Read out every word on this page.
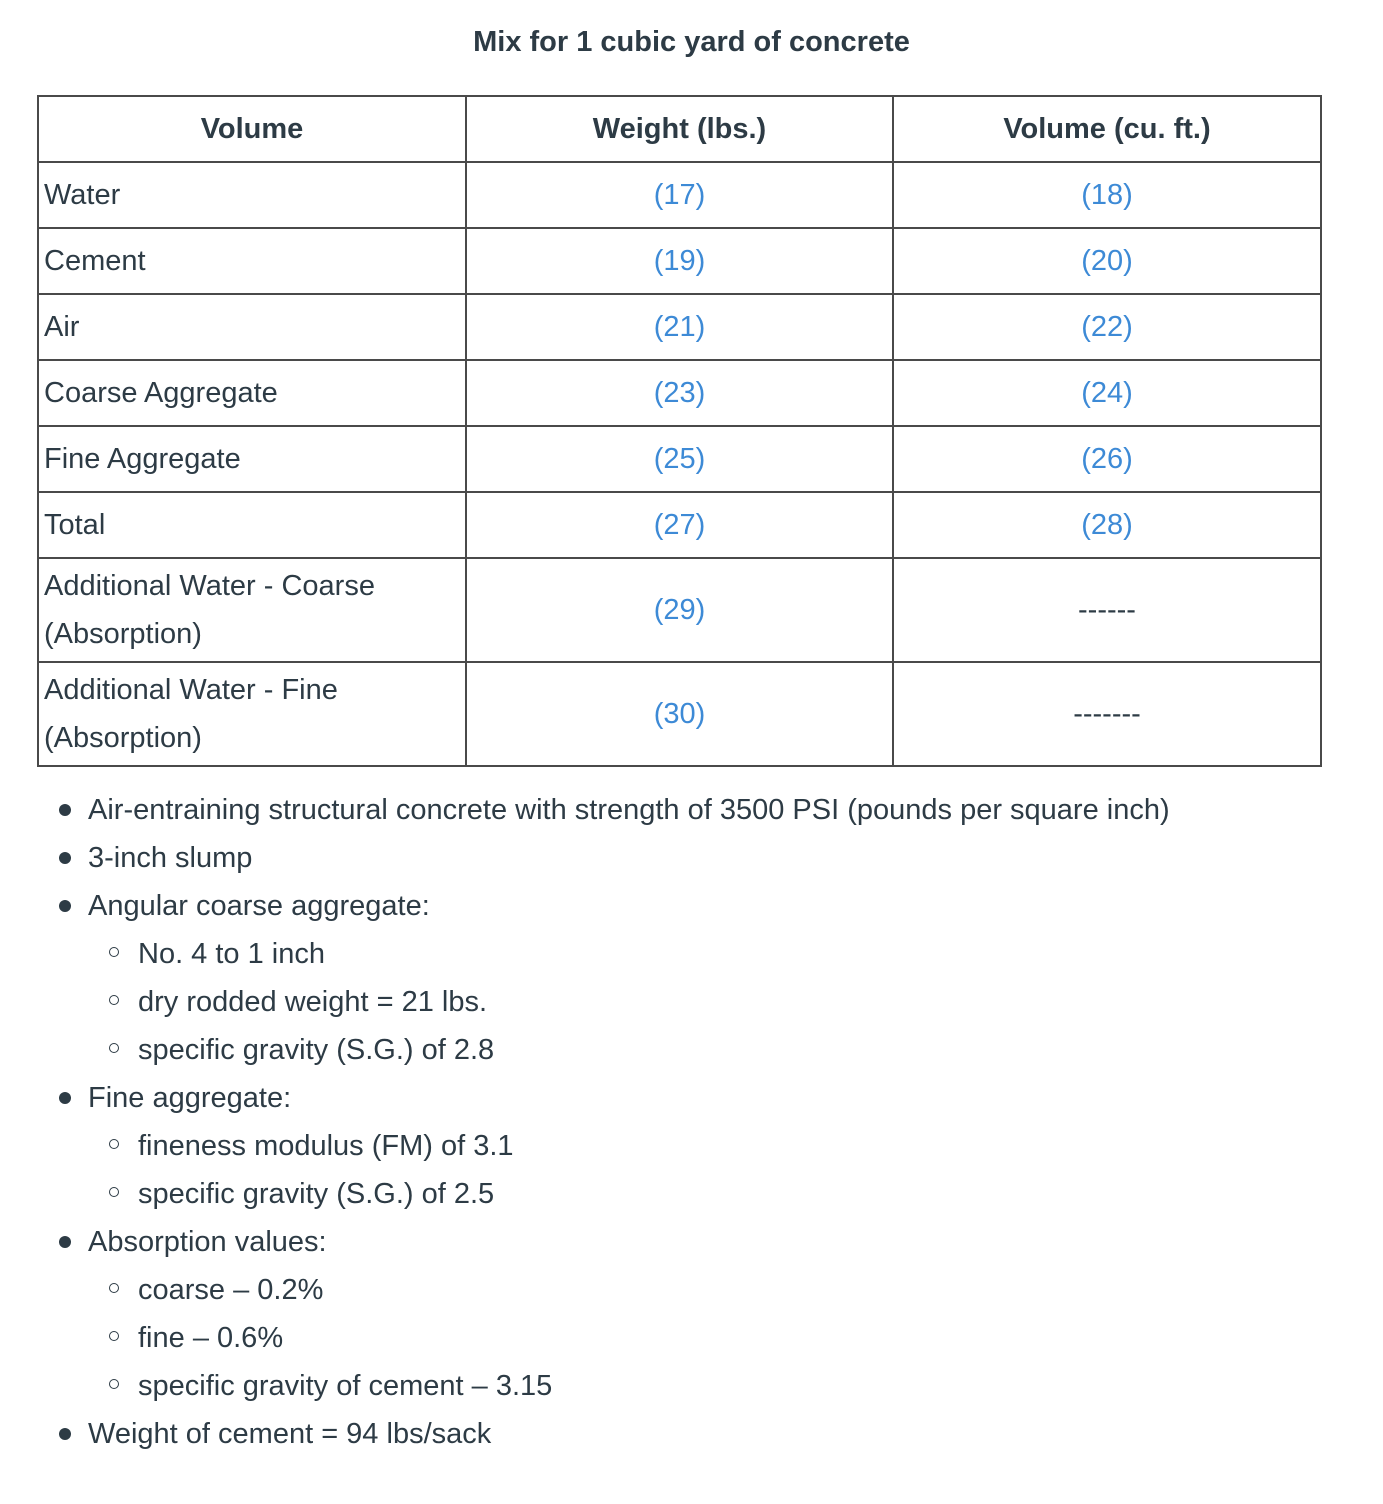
Mix for 1 cubic yard of concrete
Volume	Weight (lbs.)	Volume (cu. ft.)
Water	(17)	(18)
Cement	(19)	(20)
Air	(21)	(22)
Coarse Aggregate	(23)	(24)
Fine Aggregate	(25)	(26)
Total	(27)	(28)
Additional Water - Coarse (Absorption)	(29)	------
Additional Water - Fine (Absorption)	(30)	-------
Air-entraining structural concrete with strength of 3500 PSI (pounds per square inch)
3-inch slump
Angular coarse aggregate:
No. 4 to 1 inch
dry rodded weight = 21 lbs.
specific gravity (S.G.) of 2.8
Fine aggregate:
fineness modulus (FM) of 3.1
specific gravity (S.G.) of 2.5
Absorption values:
coarse – 0.2%
fine – 0.6%
specific gravity of cement – 3.15
Weight of cement = 94 lbs/sack
